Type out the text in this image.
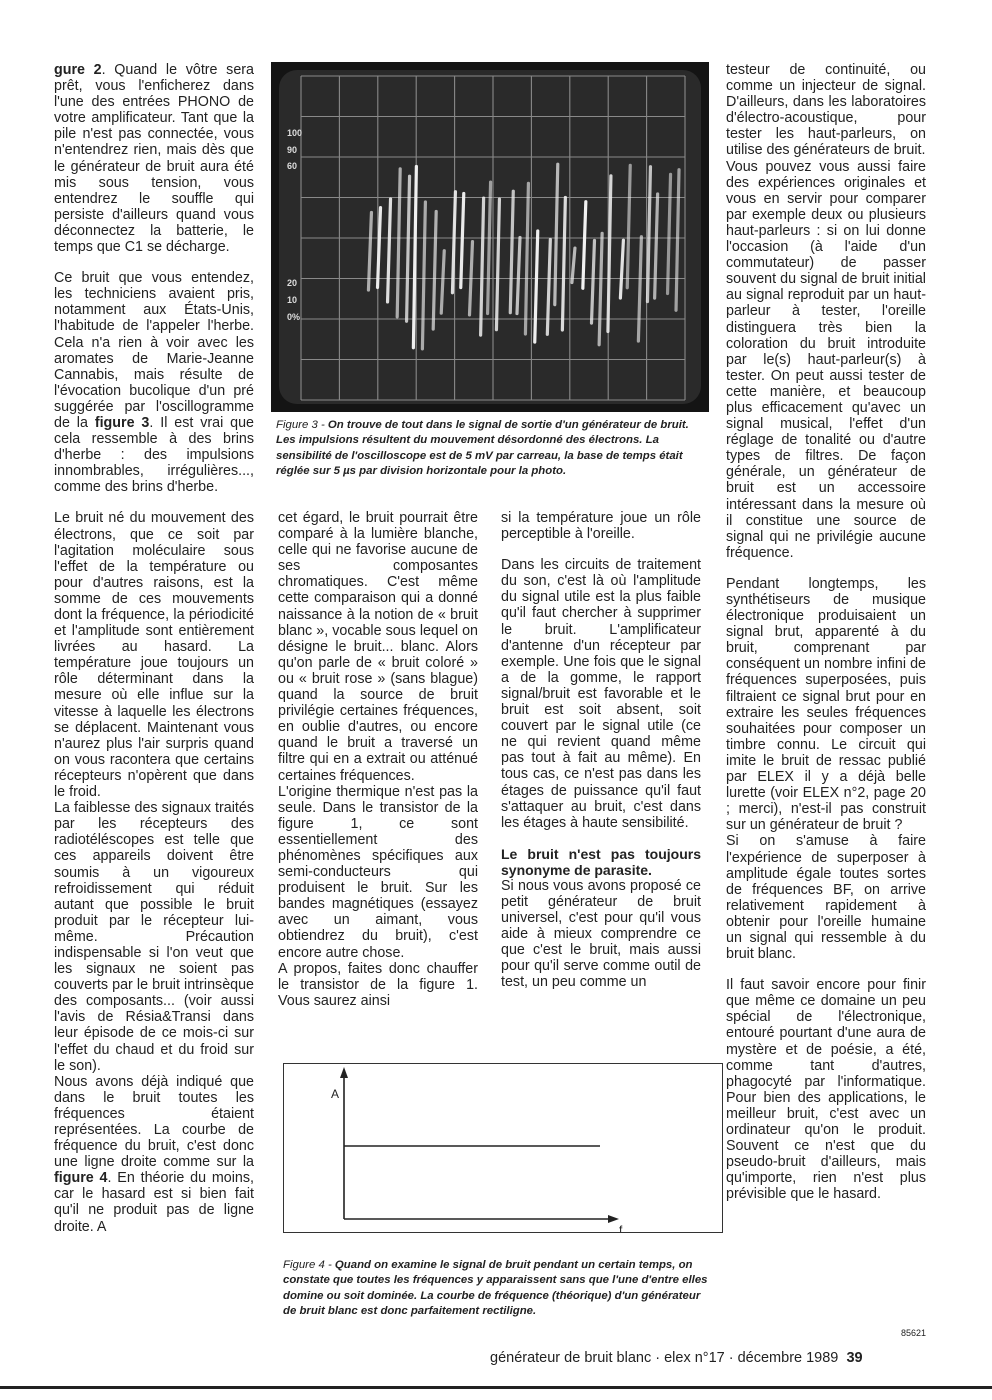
gure 2. Quand le vôtre sera prêt, vous l'enficherez dans l'une des entrées PHONO de votre amplificateur. Tant que la pile n'est pas connectée, vous n'entendrez rien, mais dès que le générateur de bruit aura été mis sous tension, vous entendrez le souffle qui persiste d'ailleurs quand vous déconnectez la batterie, le temps que C1 se décharge.

Ce bruit que vous entendez, les techniciens avaient pris, notamment aux États-Unis, l'habitude de l'appeler l'herbe. Cela n'a rien à voir avec les aromates de Marie-Jeanne Cannabis, mais résulte de l'évocation bucolique d'un pré suggérée par l'oscillogramme de la figure 3. Il est vrai que cela ressemble à des brins d'herbe : des impulsions innombrables, irrégulières..., comme des brins d'herbe.

Le bruit né du mouvement des électrons, que ce soit par l'agitation moléculaire sous l'effet de la température ou pour d'autres raisons, est la somme de ces mouvements dont la fréquence, la périodicité et l'amplitude sont entièrement livrées au hasard. La température joue toujours un rôle déterminant dans la mesure où elle influe sur la vitesse à laquelle les électrons se déplacent. Maintenant vous n'aurez plus l'air surpris quand on vous racontera que certains récepteurs n'opèrent que dans le froid.

La faiblesse des signaux traités par les récepteurs des radiotéléscopes est telle que ces appareils doivent être soumis à un vigoureux refroidissement qui réduit autant que possible le bruit produit par le récepteur lui-même. Précaution indispensable si l'on veut que les signaux ne soient pas couverts par le bruit intrinsèque des composants... (voir aussi l'avis de Résia&Transi dans leur épisode de ce mois-ci sur l'effet du chaud et du froid sur le son).

Nous avons déjà indiqué que dans le bruit toutes les fréquences étaient représentées. La courbe de fréquence du bruit, c'est donc une ligne droite comme sur la figure 4. En théorie du moins, car le hasard est si bien fait qu'il ne produit pas de ligne droite. A

100
90
60
20
10
0%
Figure 3 - On trouve de tout dans le signal de sortie d'un générateur de bruit. Les impulsions résultent du mouvement désordonné des électrons. La sensibilité de l'oscilloscope est de 5 mV par carreau, la base de temps était réglée sur 5 µs par division horizontale pour la photo.

cet égard, le bruit pourrait être comparé à la lumière blanche, celle qui ne favorise aucune de ses composantes chromatiques. C'est même cette comparaison qui a donné naissance à la notion de « bruit blanc », vocable sous lequel on désigne le bruit... blanc. Alors qu'on parle de « bruit coloré » ou « bruit rose » (sans blague) quand la source de bruit privilégie certaines fréquences, en oublie d'autres, ou encore quand le bruit a traversé un filtre qui en a extrait ou atténué certaines fréquences.

L'origine thermique n'est pas la seule. Dans le transistor de la figure 1, ce sont essentiellement des phénomènes spécifiques aux semi-conducteurs qui produisent le bruit. Sur les bandes magnétiques (essayez avec un aimant, vous obtiendrez du bruit), c'est encore autre chose.

A propos, faites donc chauffer le transistor de la figure 1. Vous saurez ainsi

si la température joue un rôle perceptible à l'oreille.

Dans les circuits de traitement du son, c'est là où l'amplitude du signal utile est la plus faible qu'il faut chercher à supprimer le bruit. L'amplificateur d'antenne d'un récepteur par exemple. Une fois que le signal a de la gomme, le rapport signal/bruit est favorable et le bruit est soit absent, soit couvert par le signal utile (ce ne qui revient quand même pas tout à fait au même). En tous cas, ce n'est pas dans les étages de puissance qu'il faut s'attaquer au bruit, c'est dans les étages à haute sensibilité.

Le bruit n'est pas toujours synonyme de parasite.

Si nous vous avons proposé ce petit générateur de bruit universel, c'est pour qu'il vous aide à mieux comprendre ce que c'est le bruit, mais aussi pour qu'il serve comme outil de test, un peu comme un

A
f
Figure 4 - Quand on examine le signal de bruit pendant un certain temps, on constate que toutes les fréquences y apparaissent sans que l'une d'entre elles domine ou soit dominée. La courbe de fréquence (théorique) d'un générateur de bruit blanc est donc parfaitement rectiligne.

testeur de continuité, ou comme un injecteur de signal. D'ailleurs, dans les laboratoires d'électro-acoustique, pour tester les haut-parleurs, on utilise des générateurs de bruit.

Vous pouvez vous aussi faire des expériences originales et vous en servir pour comparer par exemple deux ou plusieurs haut-parleurs : si on lui donne l'occasion (à l'aide d'un commutateur) de passer souvent du signal de bruit initial au signal reproduit par un haut-parleur à tester, l'oreille distinguera très bien la coloration du bruit introduite par le(s) haut-parleur(s) à tester. On peut aussi tester de cette manière, et beaucoup plus efficacement qu'avec un signal musical, l'effet d'un réglage de tonalité ou d'autre types de filtres. De façon générale, un générateur de bruit est un accessoire intéressant dans la mesure où il constitue une source de signal qui ne privilégie aucune fréquence.

Pendant longtemps, les synthétiseurs de musique électronique produisaient un signal brut, apparenté à du bruit, comprenant par conséquent un nombre infini de fréquences superposées, puis filtraient ce signal brut pour en extraire les seules fréquences souhaitées pour composer un timbre connu. Le circuit qui imite le bruit de ressac publié par ELEX il y a déjà belle lurette (voir ELEX n°2, page 20 ; merci), n'est-il pas construit sur un générateur de bruit ?

Si on s'amuse à faire l'expérience de superposer à amplitude égale toutes sortes de fréquences BF, on arrive relativement rapidement à obtenir pour l'oreille humaine un signal qui ressemble à du bruit blanc.

Il faut savoir encore pour finir que même ce domaine un peu spécial de l'électronique, entouré pourtant d'une aura de mystère et de poésie, a été, comme tant d'autres, phagocyté par l'informatique. Pour bien des applications, le meilleur bruit, c'est avec un ordinateur qu'on le produit. Souvent ce n'est que du pseudo-bruit d'ailleurs, mais qu'importe, rien n'est plus prévisible que le hasard.

85621
générateur de bruit blanc · elex n°17 · décembre 1989 39
